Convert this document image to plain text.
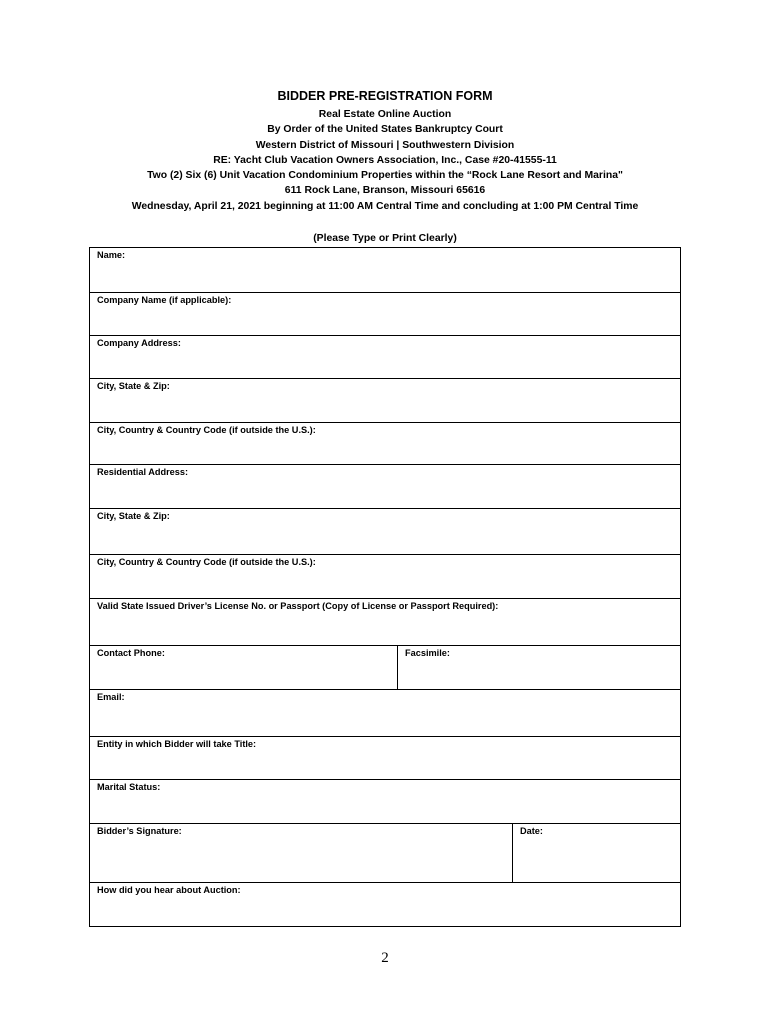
BIDDER PRE-REGISTRATION FORM
Real Estate Online Auction
By Order of the United States Bankruptcy Court
Western District of Missouri | Southwestern Division
RE: Yacht Club Vacation Owners Association, Inc., Case #20-41555-11
Two (2) Six (6) Unit Vacation Condominium Properties within the “Rock Lane Resort and Marina"
611 Rock Lane, Branson, Missouri 65616
Wednesday, April 21, 2021 beginning at 11:00 AM Central Time and concluding at 1:00 PM Central Time
(Please Type or Print Clearly)
Name:
Company Name (if applicable):
Company Address:
City, State & Zip:
City, Country & Country Code (if outside the U.S.):
Residential Address:
City, State & Zip:
City, Country & Country Code (if outside the U.S.):
Valid State Issued Driver’s License No. or Passport (Copy of License or Passport Required):
Contact Phone:	Facsimile:
Email:
Entity in which Bidder will take Title:
Marital Status:
Bidder’s Signature:	Date:
How did you hear about Auction:
2
